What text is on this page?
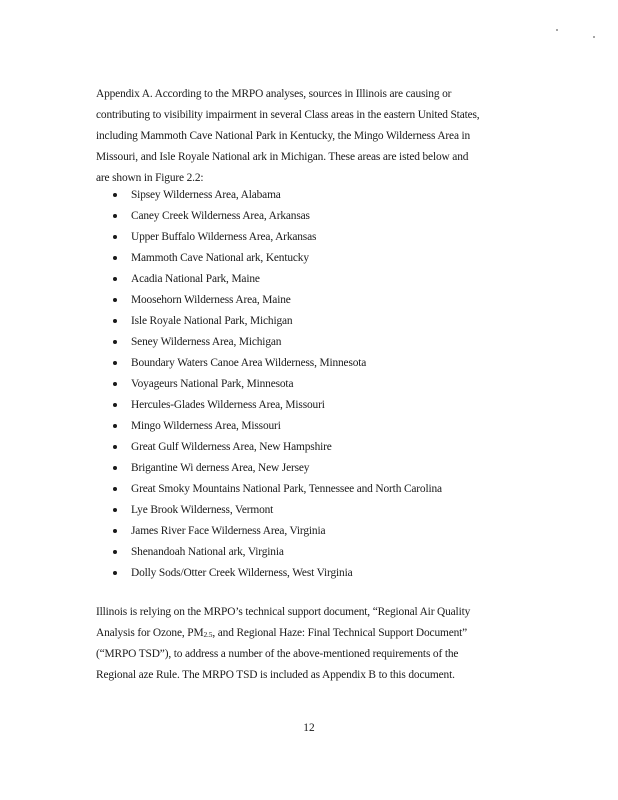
Appendix A. According to the MRPO analyses, sources in Illinois are causing or
contributing to visibility impairment in several Class areas in the eastern United States,
including Mammoth Cave National Park in Kentucky, the Mingo Wilderness Area in
Missouri, and Isle Royale National ark in Michigan. These areas are isted below and
are shown in Figure 2.2:
Sipsey Wilderness Area, Alabama
Caney Creek Wilderness Area, Arkansas
Upper Buffalo Wilderness Area, Arkansas
Mammoth Cave National ark, Kentucky
Acadia National Park, Maine
Moosehorn Wilderness Area, Maine
Isle Royale National Park, Michigan
Seney Wilderness Area, Michigan
Boundary Waters Canoe Area Wilderness, Minnesota
Voyageurs National Park, Minnesota
Hercules-Glades Wilderness Area, Missouri
Mingo Wilderness Area, Missouri
Great Gulf Wilderness Area, New Hampshire
Brigantine Wi derness Area, New Jersey
Great Smoky Mountains National Park, Tennessee and North Carolina
Lye Brook Wilderness, Vermont
James River Face Wilderness Area, Virginia
Shenandoah National ark, Virginia
Dolly Sods/Otter Creek Wilderness, West Virginia
Illinois is relying on the MRPO’s technical support document, “Regional Air Quality
Analysis for Ozone, $PM_{2.5}$, and Regional Haze: Final Technical Support Document”
(“MRPO TSD”), to address a number of the above-mentioned requirements of the
Regional aze Rule. The MRPO TSD is included as Appendix B to this document.
12
